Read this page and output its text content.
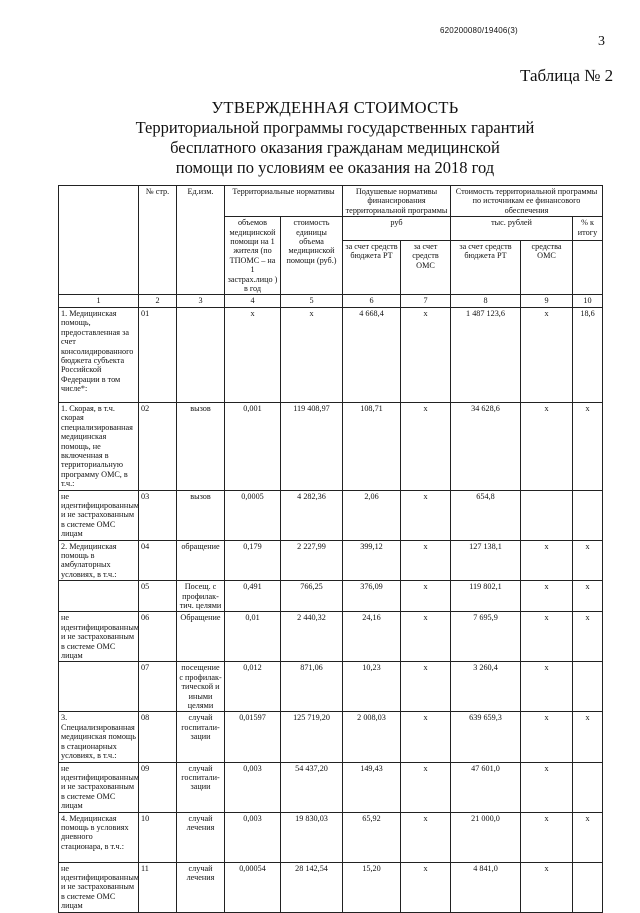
620200080/19406(3)
3
Таблица № 2
УТВЕРЖДЕННАЯ СТОИМОСТЬ
Территориальной программы государственных гарантий
бесплатного оказания гражданам медицинской
помощи по условиям ее оказания на 2018 год
	№ стр.	Ед.изм.	Территориальные нормативы		Подушевые нормативы финансирования территориальной программы		Стоимость территориальной программы по источникам ее финансового обеспечения		
			объемов медицинской помощи на 1 жителя (по ТПОМС – на 1 застрах.лицо ) в год	стоимость единицы объема медицинской помощи (руб.)	руб		тыс. рублей		% к итогу
					за счет средств бюджета РТ	за счет средств ОМС	за счет средств бюджета РТ	средства ОМС	

1	2	3	4	5	6	7	8	9	10
1. Медицинская помощь, предоставленная за счет консолидированного бюджета субъекта Российской Федерации в том числе*:	01		x	x	4 668,4	x	1 487 123,6	x	18,6
1. Скорая, в т.ч. скорая специализированная медицинская помощь, не включенная в территориальную программу ОМС, в т.ч.:	02	вызов	0,001	119 408,97	108,71	x	34 628,6	x	x
не идентифицированным и не застрахованным в системе ОМС лицам	03	вызов	0,0005	4 282,36	2,06	x	654,8		
2. Медицинская помощь в амбулаторных условиях, в т.ч.:	04	обращение	0,179	2 227,99	399,12	x	127 138,1	x	x
	05	Посещ. с профилак-тич. целями	0,491	766,25	376,09	x	119 802,1	x	x
не идентифицированным и не застрахованным в системе ОМС лицам	06	Обращение	0,01	2 440,32	24,16	x	7 695,9	x	x
	07	посещение с профилак-тической и иными целями	0,012	871,06	10,23	x	3 260,4	x	
3. Специализированная медицинская помощь в стационарных условиях, в т.ч.:	08	случай госпитали-зации	0,01597	125 719,20	2 008,03	x	639 659,3	x	x
не идентифицированным и не застрахованным в системе ОМС лицам	09	случай госпитали-зации	0,003	54 437,20	149,43	x	47 601,0	x	
4. Медицинская помощь в условиях дневного стационара, в т.ч.:	10	случай лечения	0,003	19 830,03	65,92	x	21 000,0	x	x
не идентифицированным и не застрахованным в системе ОМС лицам	11	случай лечения	0,00054	28 142,54	15,20	x	4 841,0	x	
